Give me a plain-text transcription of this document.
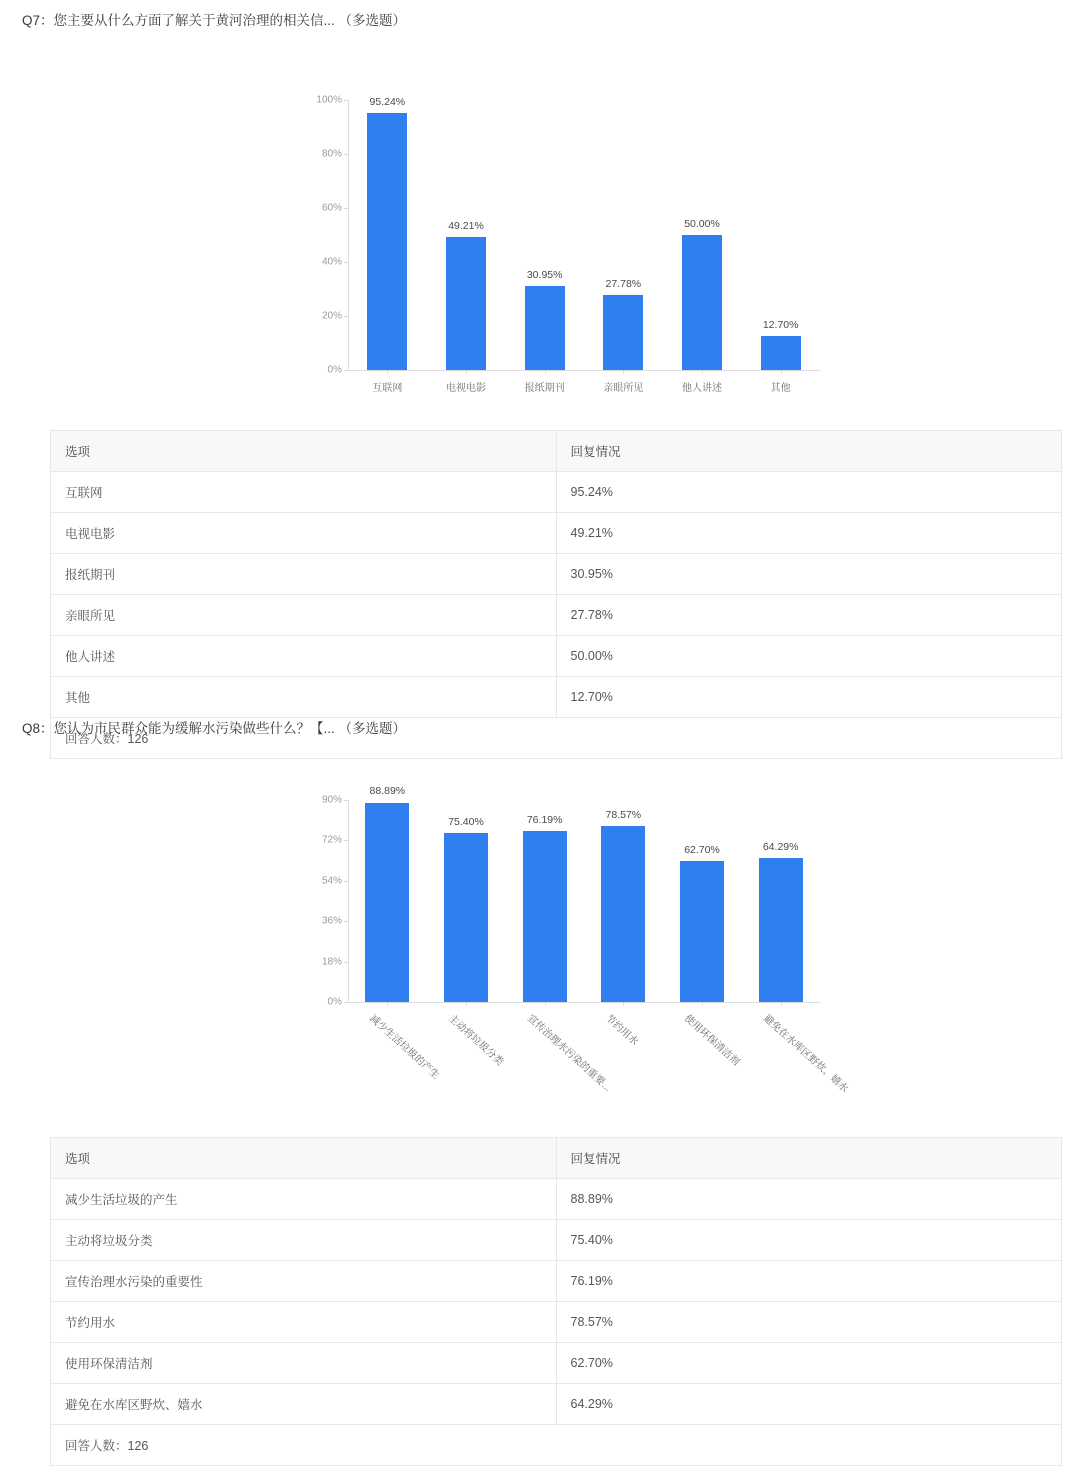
Q7：您主要从什么方面了解关于黄河治理的相关信... （多选题）
0%
20%
40%
60%
80%
100%	95.24%
互联网
49.21%
电视电影
30.95%
报纸期刊
27.78%
亲眼所见
50.00%
他人讲述
12.70%
其他
选项	回复情况
互联网	95.24%
电视电影	49.21%
报纸期刊	30.95%
亲眼所见	27.78%
他人讲述	50.00%
其他	12.70%
回答人数：126	
Q8：您认为市民群众能为缓解水污染做些什么？【... （多选题）
0%
18%
36%
54%
72%
90%
88.89%
减少生活垃圾的产生
75.40%
主动将垃圾分类
76.19%
宣传治理水污染的重要...
78.57%
节约用水
62.70%
使用环保清洁剂
64.29%
避免在水库区野炊、嬉水
选项	回复情况
减少生活垃圾的产生	88.89%
主动将垃圾分类	75.40%
宣传治理水污染的重要性	76.19%
节约用水	78.57%
使用环保清洁剂	62.70%
避免在水库区野炊、嬉水	64.29%
回答人数：126	
